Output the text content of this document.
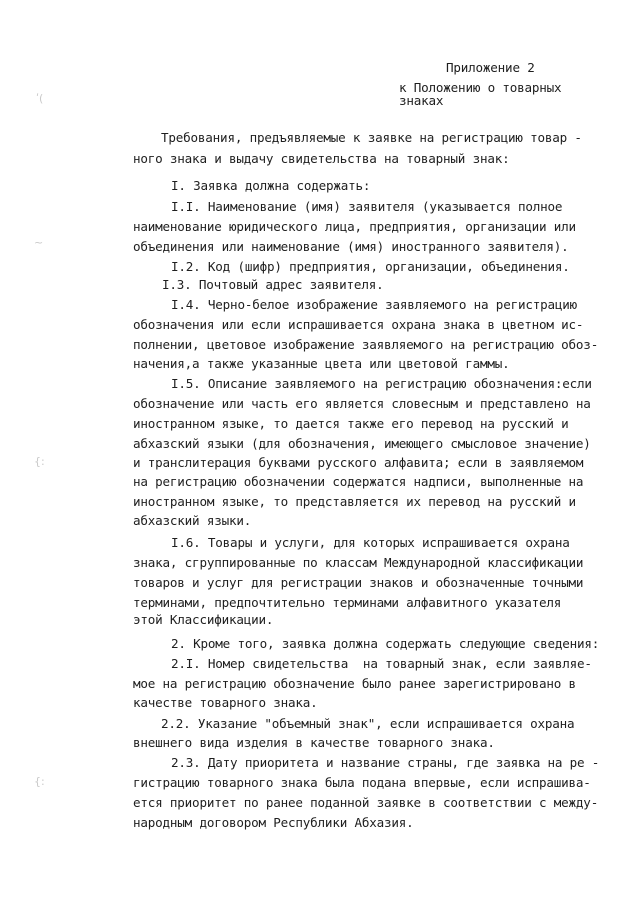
ʹ(
~
{:
{:
Приложение 2
к Положению о товарных
знаках
Требования, предъявляемые к заявке на регистрацию товар -
ного знака и выдачу свидетельства на товарный знак:
I. Заявка должна содержать:
I.I. Наименование (имя) заявителя (указывается полное
наименование юридического лица, предприятия, организации или
объединения или наименование (имя) иностранного заявителя).
I.2. Код (шифр) предприятия, организации, объединения.
I.3. Почтовый адрес заявителя.
I.4. Черно-белое изображение заявляемого на регистрацию
обозначения или если испрашивается охрана знака в цветном ис-
полнении, цветовое изображение заявляемого на регистрацию обоз-
начения,а также указанные цвета или цветовой гаммы.
I.5. Описание заявляемого на регистрацию обозначения:если
обозначение или часть его является словесным и представлено на
иностранном языке, то дается также его перевод на русский и
абхазский языки (для обозначения, имеющего смысловое значение)
и транслитерация буквами русского алфавита; если в заявляемом
на регистрацию обозначении содержатся надписи, выполненные на
иностранном языке, то представляется их перевод на русский и
абхазский языки.
I.6. Товары и услуги, для которых испрашивается охрана
знака, сгруппированные по классам Международной классификации
товаров и услуг для регистрации знаков и обозначенные точными
терминами, предпочтительно терминами алфавитного указателя
этой Классификации.
2. Кроме того, заявка должна содержать следующие сведения:
2.I. Номер свидетельства  на товарный знак, если заявляе-
мое на регистрацию обозначение было ранее зарегистрировано в
качестве товарного знака.
2.2. Указание "объемный знак", если испрашивается охрана
внешнего вида изделия в качестве товарного знака.
2.3. Дату приоритета и название страны, где заявка на ре -
гистрацию товарного знака была подана впервые, если испрашива-
ется приоритет по ранее поданной заявке в соответствии с между-
народным договором Республики Абхазия.
